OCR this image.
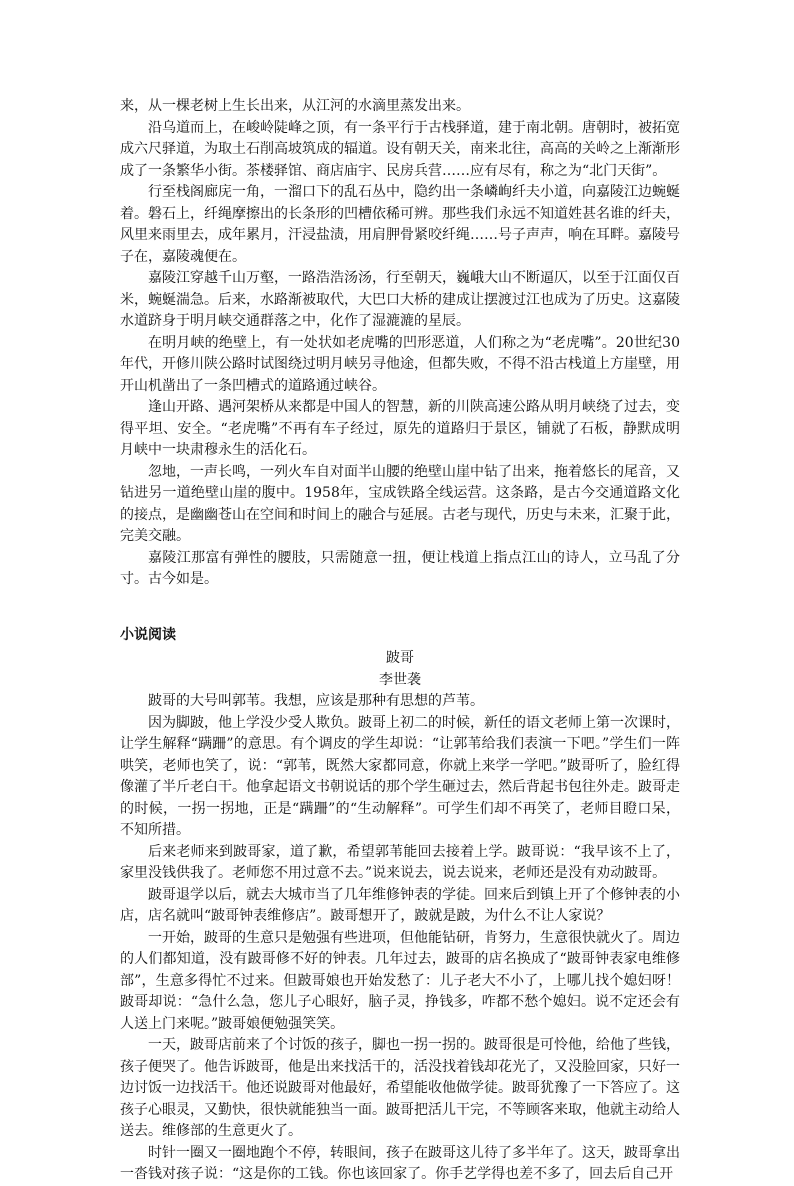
来，从一棵老树上生长出来，从江河的水滴里蒸发出来。

沿乌道而上，在峻岭陡峰之顶，有一条平行于古栈驿道，建于南北朝。唐朝时，被拓宽成六尺驿道，为取土石削高坡筑成的辐道。设有朝天关，南来北往，高高的关岭之上渐渐形成了一条繁华小街。茶楼驿馆、商店庙宇、民房兵营……应有尽有，称之为“北门天街”。

行至栈阁廊庑一角，一溜口下的乱石丛中，隐约出一条嶙峋纤夫小道，向嘉陵江边蜿蜒着。磐石上，纤绳摩擦出的长条形的凹槽依稀可辨。那些我们永远不知道姓甚名谁的纤夫，风里来雨里去，成年累月，汗浸盐渍，用肩胛骨紧咬纤绳……号子声声，响在耳畔。嘉陵号子在，嘉陵魂便在。

嘉陵江穿越千山万壑，一路浩浩汤汤，行至朝天，巍峨大山不断逼仄，以至于江面仅百米，蜿蜒湍急。后来，水路渐被取代，大巴口大桥的建成让摆渡过江也成为了历史。这嘉陵水道跻身于明月峡交通群落之中，化作了湿漉漉的星辰。

在明月峡的绝壁上，有一处状如老虎嘴的凹形恶道，人们称之为“老虎嘴”。20世纪30年代，开修川陕公路时试图绕过明月峡另寻他途，但都失败，不得不沿古栈道上方崖壁，用开山机凿出了一条凹槽式的道路通过峡谷。

逢山开路、遇河架桥从来都是中国人的智慧，新的川陕高速公路从明月峡绕了过去，变得平坦、安全。“老虎嘴”不再有车子经过，原先的道路归于景区，铺就了石板，静默成明月峡中一块肃穆永生的活化石。

忽地，一声长鸣，一列火车自对面半山腰的绝壁山崖中钻了出来，拖着悠长的尾音，又钻进另一道绝壁山崖的腹中。1958年，宝成铁路全线运营。这条路，是古今交通道路文化的接点，是幽幽苍山在空间和时间上的融合与延展。古老与现代，历史与未来，汇聚于此，完美交融。

嘉陵江那富有弹性的腰肢，只需随意一扭，便让栈道上指点江山的诗人，立马乱了分寸。古今如是。

小说阅读

跛哥

李世袭

跛哥的大号叫郭苇。我想，应该是那种有思想的芦苇。

因为脚跛，他上学没少受人欺负。跛哥上初二的时候，新任的语文老师上第一次课时，让学生解释“蹒跚”的意思。有个调皮的学生却说：“让郭苇给我们表演一下吧。”学生们一阵哄笑，老师也笑了，说：“郭苇，既然大家都同意，你就上来学一学吧。”跛哥听了，脸红得像灌了半斤老白干。他拿起语文书朝说话的那个学生砸过去，然后背起书包往外走。跛哥走的时候，一拐一拐地，正是“蹒跚”的“生动解释”。可学生们却不再笑了，老师目瞪口呆，不知所措。

后来老师来到跛哥家，道了歉，希望郭苇能回去接着上学。跛哥说：“我早该不上了，家里没钱供我了。老师您不用过意不去。”说来说去，说去说来，老师还是没有劝动跛哥。

跛哥退学以后，就去大城市当了几年维修钟表的学徒。回来后到镇上开了个修钟表的小店，店名就叫“跛哥钟表维修店”。跛哥想开了，跛就是跛，为什么不让人家说？

一开始，跛哥的生意只是勉强有些进项，但他能钻研，肯努力，生意很快就火了。周边的人们都知道，没有跛哥修不好的钟表。几年过去，跛哥的店名换成了“跛哥钟表家电维修部”，生意多得忙不过来。但跛哥娘也开始发愁了：儿子老大不小了，上哪儿找个媳妇呀！跛哥却说：“急什么急，您儿子心眼好，脑子灵，挣钱多，咋都不愁个媳妇。说不定还会有人送上门来呢。”跛哥娘便勉强笑笑。

一天，跛哥店前来了个讨饭的孩子，脚也一拐一拐的。跛哥很是可怜他，给他了些钱，孩子便哭了。他告诉跛哥，他是出来找活干的，活没找着钱却花光了，又没脸回家，只好一边讨饭一边找活干。他还说跛哥对他最好，希望能收他做学徒。跛哥犹豫了一下答应了。这孩子心眼灵，又勤快，很快就能独当一面。跛哥把活儿干完，不等顾客来取，他就主动给人送去。维修部的生意更火了。

时针一圈又一圈地跑个不停，转眼间，孩子在跛哥这儿待了多半年了。这天，跛哥拿出一沓钱对孩子说：“这是你的工钱。你也该回家了。你手艺学得也差不多了，回去后自己开
